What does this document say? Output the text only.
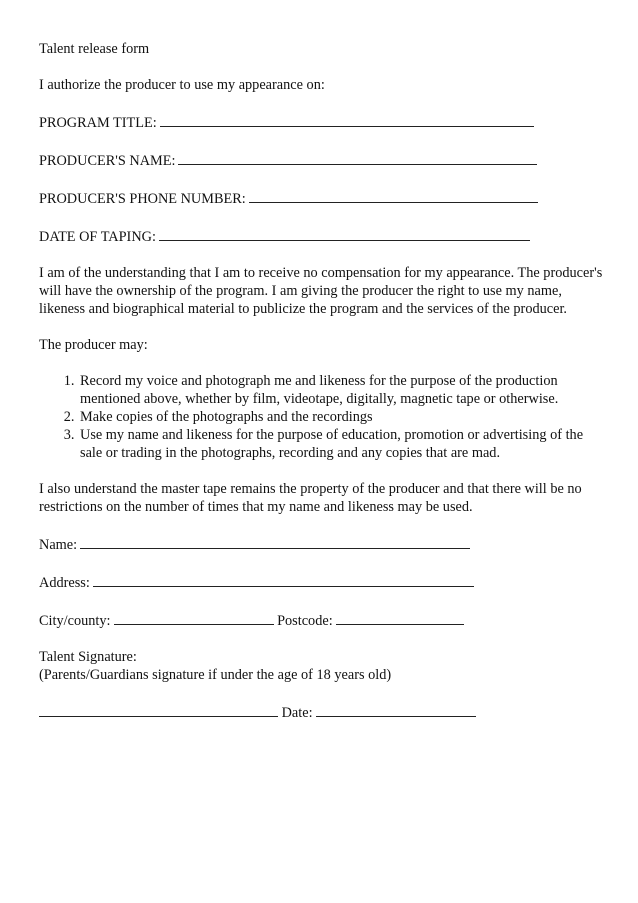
Talent release form
I authorize the producer to use my appearance on:
PROGRAM TITLE:
PRODUCER'S NAME:
PRODUCER'S PHONE NUMBER:
DATE OF TAPING:
I am of the understanding that I am to receive no compensation for my appearance. The producer's will have the ownership of the program. I am giving the producer the right to use my name, likeness and biographical material to publicize the program and the services of the producer.
The producer may:
1. Record my voice and photograph me and likeness for the purpose of the production mentioned above, whether by film, videotape, digitally, magnetic tape or otherwise.
2. Make copies of the photographs and the recordings
3. Use my name and likeness for the purpose of education, promotion or advertising of the sale or trading in the photographs, recording and any copies that are mad.
I also understand the master tape remains the property of the producer and that there will be no restrictions on the number of times that my name and likeness may be used.
Name:
Address:
City/county:	Postcode:
Talent Signature:
(Parents/Guardians signature if under the age of 18 years old)
Date:
